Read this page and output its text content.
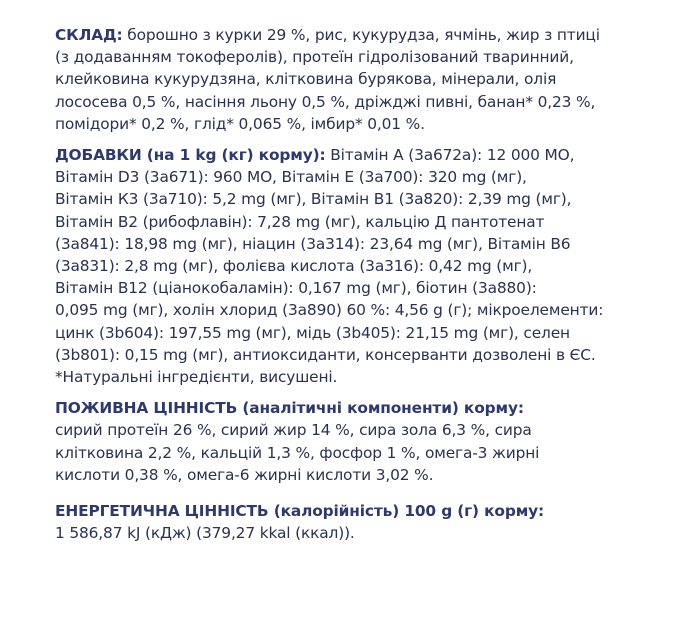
СКЛАД: борошно з курки 29 %, рис, кукурудза, ячмінь, жир з птиці
(з додаванням токоферолів), протеїн гідролізований тваринний,
клейковина кукурудзяна, клітковина бурякова, мінерали, олія
лососева 0,5 %, насіння льону 0,5 %, дріжджі пивні, банан* 0,23 %,
помідори* 0,2 %, глід* 0,065 %, імбир* 0,01 %.
ДОБАВКИ (на 1 kg (кг) корму): Вітамін А (3а672а): 12 000 МО,
Вітамін D3 (3а671): 960 МО, Вітамін Е (3а700): 320 mg (мг),
Вітамін К3 (3а710): 5,2 mg (мг), Вітамін В1 (3а820): 2,39 mg (мг),
Вітамін В2 (рибофлавін): 7,28 mg (мг), кальцію Д пантотенат
(3а841): 18,98 mg (мг), ніацин (3а314): 23,64 mg (мг), Вітамін В6
(3а831): 2,8 mg (мг), фолієва кислота (3а316): 0,42 mg (мг),
Вітамін В12 (ціанокобаламін): 0,167 mg (мг), біотин (3а880):
0,095 mg (мг), холін хлорид (3а890) 60 %: 4,56 g (г); мікроелементи:
цинк (3b604): 197,55 mg (мг), мідь (3b405): 21,15 mg (мг), селен
(3b801): 0,15 mg (мг), антиоксиданти, консерванти дозволені в ЄС.
*Натуральні інгредієнти, висушені.
ПОЖИВНА ЦІННІСТЬ (аналітичні компоненти) корму:
сирий протеїн 26 %, сирий жир 14 %, сира зола 6,3 %, сира
клітковина 2,2 %, кальцій 1,3 %, фосфор 1 %, омега-3 жирні
кислоти 0,38 %, омега-6 жирні кислоти 3,02 %.
ЕНЕРГЕТИЧНА ЦІННІСТЬ (калорійність) 100 g (г) корму:
1 586,87 kJ (кДж) (379,27 kkal (ккал)).
